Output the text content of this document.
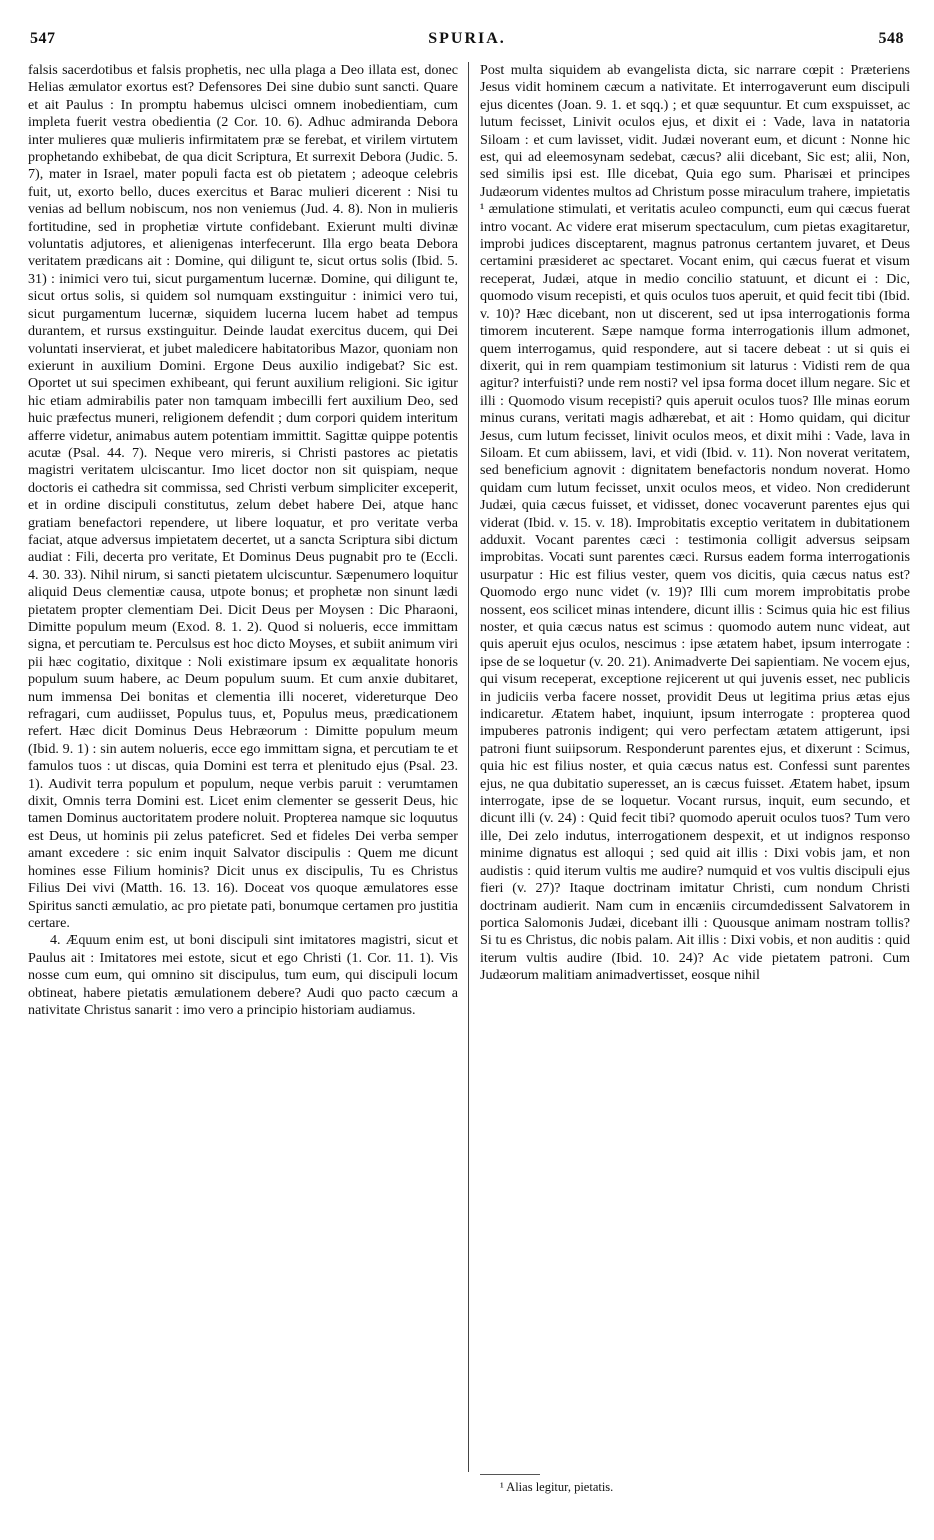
547	SPURIA.	548

falsis sacerdotibus et falsis prophetis, nec ulla plaga a Deo illata est, donec Helias æmulator exortus est? Defensores Dei sine dubio sunt sancti. Quare et ait Paulus : In promptu habemus ulcisci omnem inobedientiam, cum impleta fuerit vestra obedientia (2 Cor. 10. 6). Adhuc admiranda Debora inter mulieres quæ mulieris infirmitatem præ se ferebat, et virilem virtutem prophetando exhibebat, de qua dicit Scriptura, Et surrexit Debora (Judic. 5. 7), mater in Israel, mater populi facta est ob pietatem ; adeoque celebris fuit, ut, exorto bello, duces exercitus et Barac mulieri dicerent : Nisi tu venias ad bellum nobiscum, nos non veniemus (Jud. 4. 8). Non in mulieris fortitudine, sed in prophetiæ virtute confidebant. Exierunt multi divinæ voluntatis adjutores, et alienigenas interfecerunt. Illa ergo beata Debora veritatem prædicans ait : Domine, qui diligunt te, sicut ortus solis (Ibid. 5. 31) : inimici vero tui, sicut purgamentum lucernæ. Domine, qui diligunt te, sicut ortus solis, si quidem sol numquam exstinguitur : inimici vero tui, sicut purgamentum lucernæ, siquidem lucerna lucem habet ad tempus durantem, et rursus exstinguitur. Deinde laudat exercitus ducem, qui Dei voluntati inservierat, et jubet maledicere habitatoribus Mazor, quoniam non exierunt in auxilium Domini. Ergone Deus auxilio indigebat? Sic est. Oportet ut sui specimen exhibeant, qui ferunt auxilium religioni. Sic igitur hic etiam admirabilis pater non tamquam imbecilli fert auxilium Deo, sed huic præfectus muneri, religionem defendit ; dum corpori quidem interitum afferre videtur, animabus autem potentiam immittit. Sagittæ quippe potentis acutæ (Psal. 44. 7). Neque vero mireris, si Christi pastores ac pietatis magistri veritatem ulciscantur. Imo licet doctor non sit quispiam, neque doctoris ei cathedra sit commissa, sed Christi verbum simpliciter exceperit, et in ordine discipuli constitutus, zelum debet habere Dei, atque hanc gratiam benefactori rependere, ut libere loquatur, et pro veritate verba faciat, atque adversus impietatem decertet, ut a sancta Scriptura sibi dictum audiat : Fili, decerta pro veritate, Et Dominus Deus pugnabit pro te (Eccli. 4. 30. 33). Nihil nirum, si sancti pietatem ulciscuntur. Sæpenumero loquitur aliquid Deus clementiæ causa, utpote bonus; et prophetæ non sinunt lædi pietatem propter clementiam Dei. Dicit Deus per Moysen : Dic Pharaoni, Dimitte populum meum (Exod. 8. 1. 2). Quod si nolueris, ecce immittam signa, et percutiam te. Perculsus est hoc dicto Moyses, et subiit animum viri pii hæc cogitatio, dixitque : Noli existimare ipsum ex æqualitate honoris populum suum habere, ac Deum populum suum. Et cum anxie dubitaret, num immensa Dei bonitas et clementia illi noceret, videreturque Deo refragari, cum audiisset, Populus tuus, et, Populus meus, prædicationem refert. Hæc dicit Dominus Deus Hebræorum : Dimitte populum meum (Ibid. 9. 1) : sin autem nolueris, ecce ego immittam signa, et percutiam te et famulos tuos : ut discas, quia Domini est terra et plenitudo ejus (Psal. 23. 1). Audivit terra populum et populum, neque verbis paruit : verumtamen dixit, Omnis terra Domini est. Licet enim clementer se gesserit Deus, hic tamen Dominus auctoritatem prodere noluit. Propterea namque sic loquutus est Deus, ut hominis pii zelus pateficret. Sed et fideles Dei verba semper amant excedere : sic enim inquit Salvator discipulis : Quem me dicunt homines esse Filium hominis? Dicit unus ex discipulis, Tu es Christus Filius Dei vivi (Matth. 16. 13. 16). Doceat vos quoque æmulatores esse Spiritus sancti æmulatio, ac pro pietate pati, bonumque certamen pro justitia certare.

4. Æquum enim est, ut boni discipuli sint imitatores magistri, sicut et Paulus ait : Imitatores mei estote, sicut et ego Christi (1. Cor. 11. 1). Vis nosse cum eum, qui omnino sit discipulus, tum eum, qui discipuli locum obtineat, habere pietatis æmulationem debere? Audi quo pacto cæcum a nativitate Christus sanarit : imo vero a principio historiam audiamus.

Post multa siquidem ab evangelista dicta, sic narrare cœpit : Præteriens Jesus vidit hominem cæcum a nativitate. Et interrogaverunt eum discipuli ejus dicentes (Joan. 9. 1. et sqq.) ; et quæ sequuntur. Et cum exspuisset, ac lutum fecisset, Linivit oculos ejus, et dixit ei : Vade, lava in natatoria Siloam : et cum lavisset, vidit. Judæi noverant eum, et dicunt : Nonne hic est, qui ad eleemosynam sedebat, cæcus? alii dicebant, Sic est; alii, Non, sed similis ipsi est. Ille dicebat, Quia ego sum. Pharisæi et principes Judæorum videntes multos ad Christum posse miraculum trahere, impietatis ¹ æmulatione stimulati, et veritatis aculeo compuncti, eum qui cæcus fuerat intro vocant. Ac videre erat miserum spectaculum, cum pietas exagitaretur, improbi judices disceptarent, magnus patronus certantem juvaret, et Deus certamini præsideret ac spectaret. Vocant enim, qui cæcus fuerat et visum receperat, Judæi, atque in medio concilio statuunt, et dicunt ei : Dic, quomodo visum recepisti, et quis oculos tuos aperuit, et quid fecit tibi (Ibid. v. 10)? Hæc dicebant, non ut discerent, sed ut ipsa interrogationis forma timorem incuterent. Sæpe namque forma interrogationis illum admonet, quem interrogamus, quid respondere, aut si tacere debeat : ut si quis ei dixerit, qui in rem quampiam testimonium sit laturus : Vidisti rem de qua agitur? interfuisti? unde rem nosti? vel ipsa forma docet illum negare. Sic et illi : Quomodo visum recepisti? quis aperuit oculos tuos? Ille minas eorum minus curans, veritati magis adhærebat, et ait : Homo quidam, qui dicitur Jesus, cum lutum fecisset, linivit oculos meos, et dixit mihi : Vade, lava in Siloam. Et cum abiissem, lavi, et vidi (Ibid. v. 11). Non noverat veritatem, sed beneficium agnovit : dignitatem benefactoris nondum noverat. Homo quidam cum lutum fecisset, unxit oculos meos, et video. Non crediderunt Judæi, quia cæcus fuisset, et vidisset, donec vocaverunt parentes ejus qui viderat (Ibid. v. 15. v. 18). Improbitatis exceptio veritatem in dubitationem adduxit. Vocant parentes cæci : testimonia colligit adversus seipsam improbitas. Vocati sunt parentes cæci. Rursus eadem forma interrogationis usurpatur : Hic est filius vester, quem vos dicitis, quia cæcus natus est? Quomodo ergo nunc videt (v. 19)? Illi cum morem improbitatis probe nossent, eos scilicet minas intendere, dicunt illis : Scimus quia hic est filius noster, et quia cæcus natus est scimus : quomodo autem nunc videat, aut quis aperuit ejus oculos, nescimus : ipse ætatem habet, ipsum interrogate : ipse de se loquetur (v. 20. 21). Animadverte Dei sapientiam. Ne vocem ejus, qui visum receperat, exceptione rejicerent ut qui juvenis esset, nec publicis in judiciis verba facere nosset, providit Deus ut legitima prius ætas ejus indicaretur. Ætatem habet, inquiunt, ipsum interrogate : propterea quod impuberes patronis indigent; qui vero perfectam ætatem attigerunt, ipsi patroni fiunt suiipsorum. Responderunt parentes ejus, et dixerunt : Scimus, quia hic est filius noster, et quia cæcus natus est. Confessi sunt parentes ejus, ne qua dubitatio superesset, an is cæcus fuisset. Ætatem habet, ipsum interrogate, ipse de se loquetur. Vocant rursus, inquit, eum secundo, et dicunt illi (v. 24) : Quid fecit tibi? quomodo aperuit oculos tuos? Tum vero ille, Dei zelo indutus, interrogationem despexit, et ut indignos responso minime dignatus est alloqui ; sed quid ait illis : Dixi vobis jam, et non audistis : quid iterum vultis me audire? numquid et vos vultis discipuli ejus fieri (v. 27)? Itaque doctrinam imitatur Christi, cum nondum Christi doctrinam audierit. Nam cum in encæniis circumdedissent Salvatorem in portica Salomonis Judæi, dicebant illi : Quousque animam nostram tollis? Si tu es Christus, dic nobis palam. Ait illis : Dixi vobis, et non auditis : quid iterum vultis audire (Ibid. 10. 24)? Ac vide pietatem patroni. Cum Judæorum malitiam animadvertisset, eosque nihil

¹ Alias legitur, pietatis.
